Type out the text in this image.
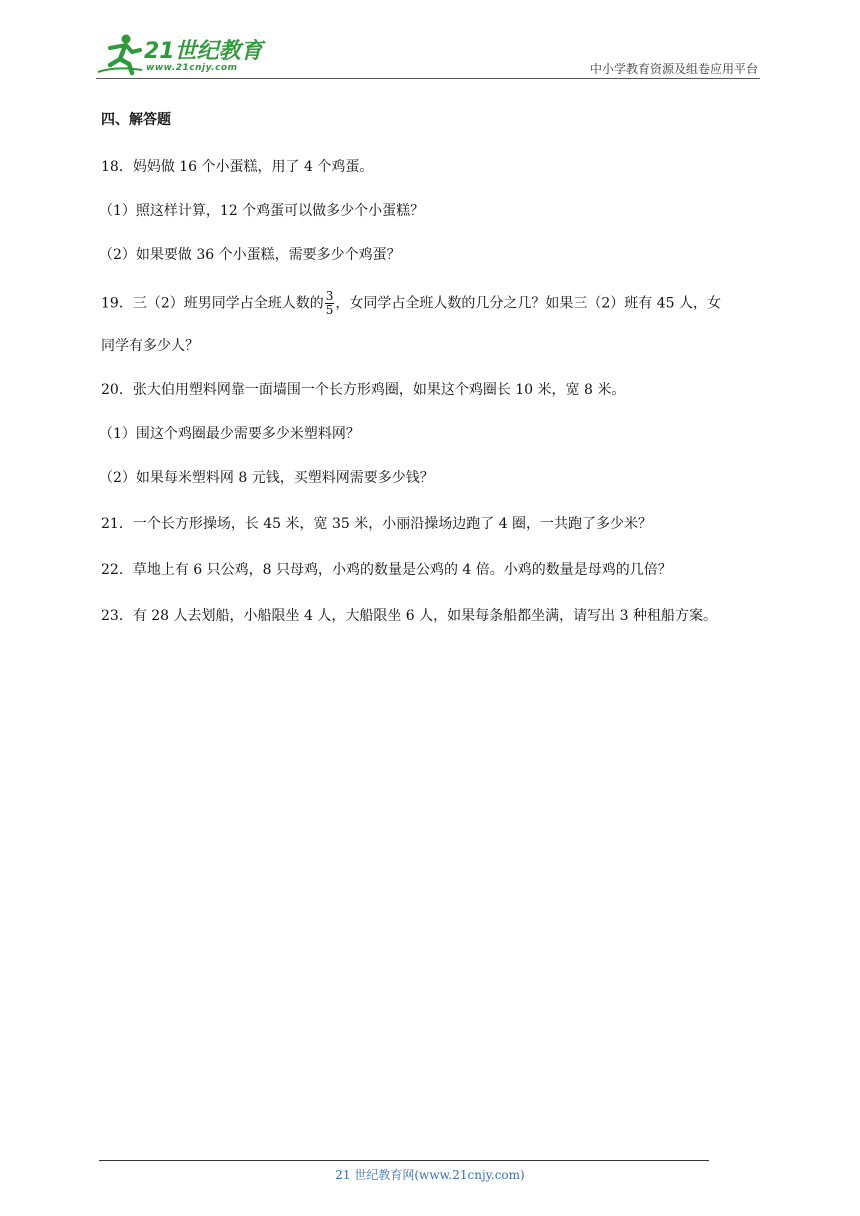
21世纪教育
www.21cnjy.com	中小学教育资源及组卷应用平台
四、解答题
18．妈妈做 16 个小蛋糕，用了 4 个鸡蛋。
（1）照这样计算，12 个鸡蛋可以做多少个小蛋糕？
（2）如果要做 36 个小蛋糕，需要多少个鸡蛋？
19．三（2）班男同学占全班人数的 $\frac{3}{5}$ ，女同学占全班人数的几分之几？如果三（2）班有 45 人，女
同学有多少人？
20．张大伯用塑料网靠一面墙围一个长方形鸡圈，如果这个鸡圈长 10 米，宽 8 米。
（1）围这个鸡圈最少需要多少米塑料网？
（2）如果每米塑料网 8 元钱，买塑料网需要多少钱？
21．一个长方形操场，长 45 米，宽 35 米，小丽沿操场边跑了 4 圈，一共跑了多少米？
22．草地上有 6 只公鸡，8 只母鸡，小鸡的数量是公鸡的 4 倍。小鸡的数量是母鸡的几倍？
23．有 28 人去划船，小船限坐 4 人，大船限坐 6 人，如果每条船都坐满，请写出 3 种租船方案。
21 世纪教育网(www.21cnjy.com)
